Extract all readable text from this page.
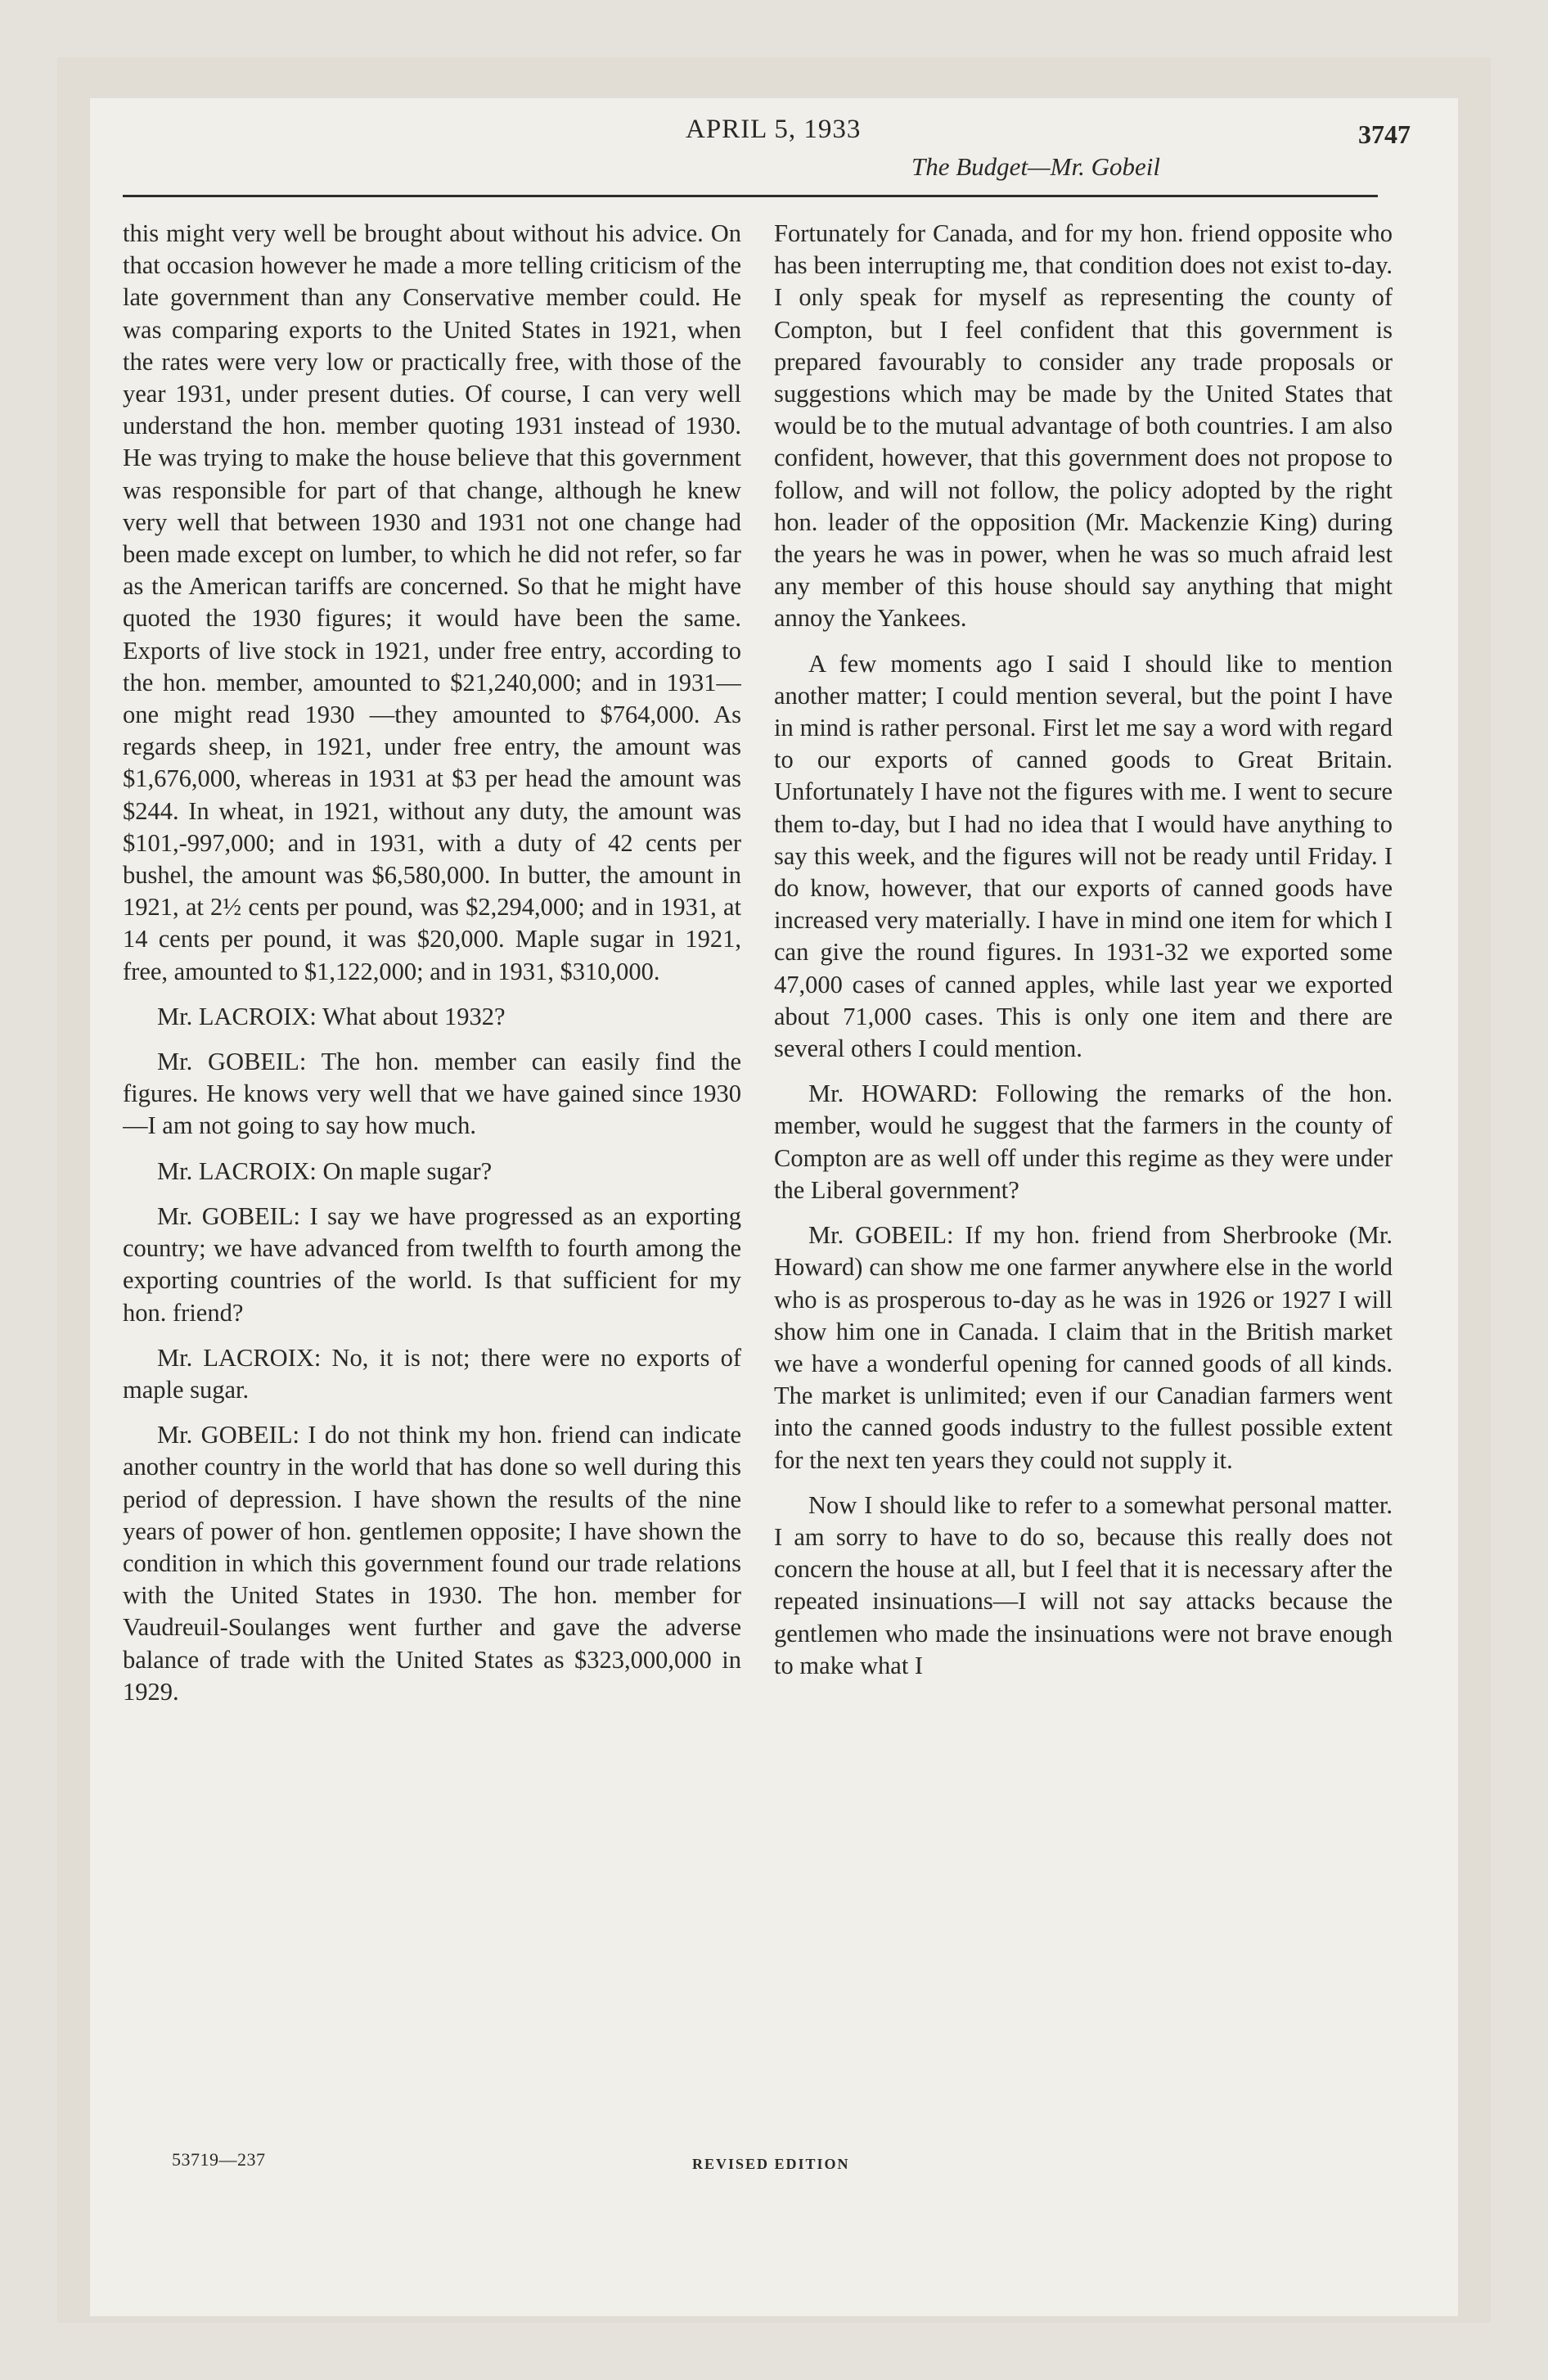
APRIL 5, 1933
The Budget—Mr. Gobeil
3747

this might very well be brought about without his advice. On that occasion however he made a more telling criticism of the late government than any Conservative member could. He was comparing exports to the United States in 1921, when the rates were very low or practically free, with those of the year 1931, under present duties. Of course, I can very well understand the hon. member quoting 1931 instead of 1930. He was trying to make the house believe that this government was responsible for part of that change, although he knew very well that between 1930 and 1931 not one change had been made except on lumber, to which he did not refer, so far as the American tariffs are concerned. So that he might have quoted the 1930 figures; it would have been the same. Exports of live stock in 1921, under free entry, according to the hon. member, amounted to $21,240,000; and in 1931—one might read 1930 —they amounted to $764,000. As regards sheep, in 1921, under free entry, the amount was $1,676,000, whereas in 1931 at $3 per head the amount was $244. In wheat, in 1921, without any duty, the amount was $101,-997,000; and in 1931, with a duty of 42 cents per bushel, the amount was $6,580,000. In butter, the amount in 1921, at 2½ cents per pound, was $2,294,000; and in 1931, at 14 cents per pound, it was $20,000. Maple sugar in 1921, free, amounted to $1,122,000; and in 1931, $310,000.

Mr. LACROIX: What about 1932?

Mr. GOBEIL: The hon. member can easily find the figures. He knows very well that we have gained since 1930—I am not going to say how much.

Mr. LACROIX: On maple sugar?

Mr. GOBEIL: I say we have progressed as an exporting country; we have advanced from twelfth to fourth among the exporting countries of the world. Is that sufficient for my hon. friend?

Mr. LACROIX: No, it is not; there were no exports of maple sugar.

Mr. GOBEIL: I do not think my hon. friend can indicate another country in the world that has done so well during this period of depression. I have shown the results of the nine years of power of hon. gentlemen opposite; I have shown the condition in which this government found our trade relations with the United States in 1930. The hon. member for Vaudreuil-Soulanges went further and gave the adverse balance of trade with the United States as $323,000,000 in 1929.

Fortunately for Canada, and for my hon. friend opposite who has been interrupting me, that condition does not exist to-day. I only speak for myself as representing the county of Compton, but I feel confident that this government is prepared favourably to consider any trade proposals or suggestions which may be made by the United States that would be to the mutual advantage of both countries. I am also confident, however, that this government does not propose to follow, and will not follow, the policy adopted by the right hon. leader of the opposition (Mr. Mackenzie King) during the years he was in power, when he was so much afraid lest any member of this house should say anything that might annoy the Yankees.

A few moments ago I said I should like to mention another matter; I could mention several, but the point I have in mind is rather personal. First let me say a word with regard to our exports of canned goods to Great Britain. Unfortunately I have not the figures with me. I went to secure them to-day, but I had no idea that I would have anything to say this week, and the figures will not be ready until Friday. I do know, however, that our exports of canned goods have increased very materially. I have in mind one item for which I can give the round figures. In 1931-32 we exported some 47,000 cases of canned apples, while last year we exported about 71,000 cases. This is only one item and there are several others I could mention.

Mr. HOWARD: Following the remarks of the hon. member, would he suggest that the farmers in the county of Compton are as well off under this regime as they were under the Liberal government?

Mr. GOBEIL: If my hon. friend from Sherbrooke (Mr. Howard) can show me one farmer anywhere else in the world who is as prosperous to-day as he was in 1926 or 1927 I will show him one in Canada. I claim that in the British market we have a wonderful opening for canned goods of all kinds. The market is unlimited; even if our Canadian farmers went into the canned goods industry to the fullest possible extent for the next ten years they could not supply it.

Now I should like to refer to a somewhat personal matter. I am sorry to have to do so, because this really does not concern the house at all, but I feel that it is necessary after the repeated insinuations—I will not say attacks because the gentlemen who made the insinuations were not brave enough to make what I

53719—237	REVISED EDITION
